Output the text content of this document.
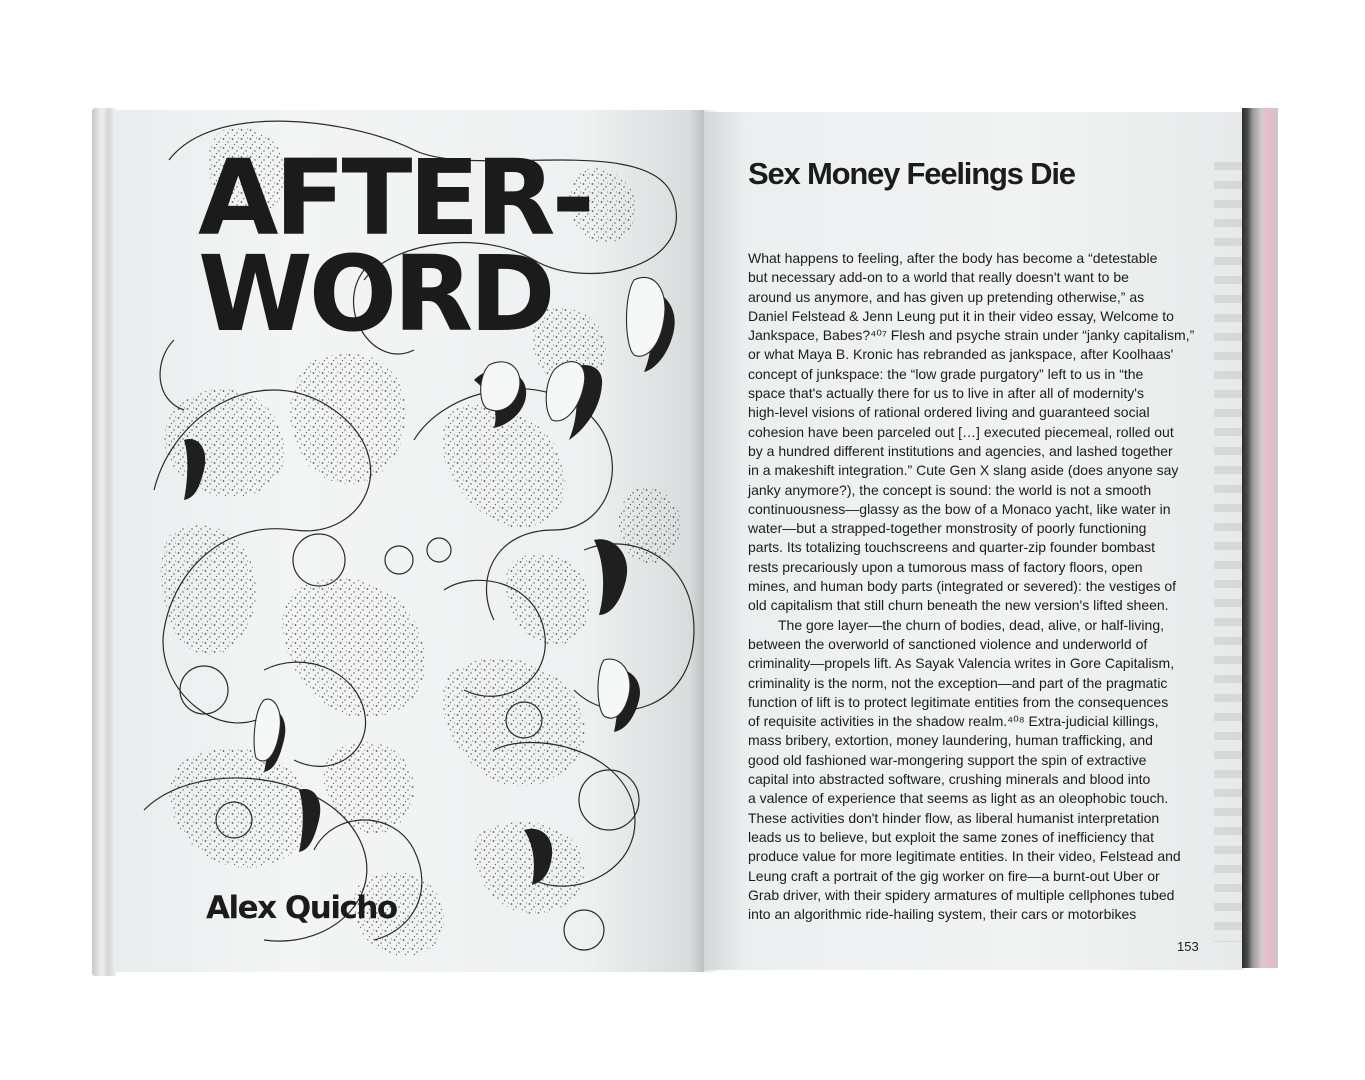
AFTER-
WORD
Alex Quicho
Sex Money Feelings Die
What happens to feeling, after the body has become a “detestable
but necessary add-on to a world that really doesn't want to be
around us anymore, and has given up pretending otherwise,” as
Daniel Felstead & Jenn Leung put it in their video essay, Welcome to
Jankspace, Babes?⁴⁰⁷ Flesh and psyche strain under “janky capitalism,”
or what Maya B. Kronic has rebranded as jankspace, after Koolhaas'
concept of junkspace: the “low grade purgatory” left to us in “the
space that's actually there for us to live in after all of modernity's
high-level visions of rational ordered living and guaranteed social
cohesion have been parceled out […] executed piecemeal, rolled out
by a hundred different institutions and agencies, and lashed together
in a makeshift integration.” Cute Gen X slang aside (does anyone say
janky anymore?), the concept is sound: the world is not a smooth
continuousness—glassy as the bow of a Monaco yacht, like water in
water—but a strapped-together monstrosity of poorly functioning
parts. Its totalizing touchscreens and quarter-zip founder bombast
rests precariously upon a tumorous mass of factory floors, open
mines, and human body parts (integrated or severed): the vestiges of
old capitalism that still churn beneath the new version's lifted sheen.
The gore layer—the churn of bodies, dead, alive, or half-living,
between the overworld of sanctioned violence and underworld of
criminality—propels lift. As Sayak Valencia writes in Gore Capitalism,
criminality is the norm, not the exception—and part of the pragmatic
function of lift is to protect legitimate entities from the consequences
of requisite activities in the shadow realm.⁴⁰⁸ Extra-judicial killings,
mass bribery, extortion, money laundering, human trafficking, and
good old fashioned war-mongering support the spin of extractive
capital into abstracted software, crushing minerals and blood into
a valence of experience that seems as light as an oleophobic touch.
These activities don't hinder flow, as liberal humanist interpretation
leads us to believe, but exploit the same zones of inefficiency that
produce value for more legitimate entities. In their video, Felstead and
Leung craft a portrait of the gig worker on fire—a burnt-out Uber or
Grab driver, with their spidery armatures of multiple cellphones tubed
into an algorithmic ride-hailing system, their cars or motorbikes
153
